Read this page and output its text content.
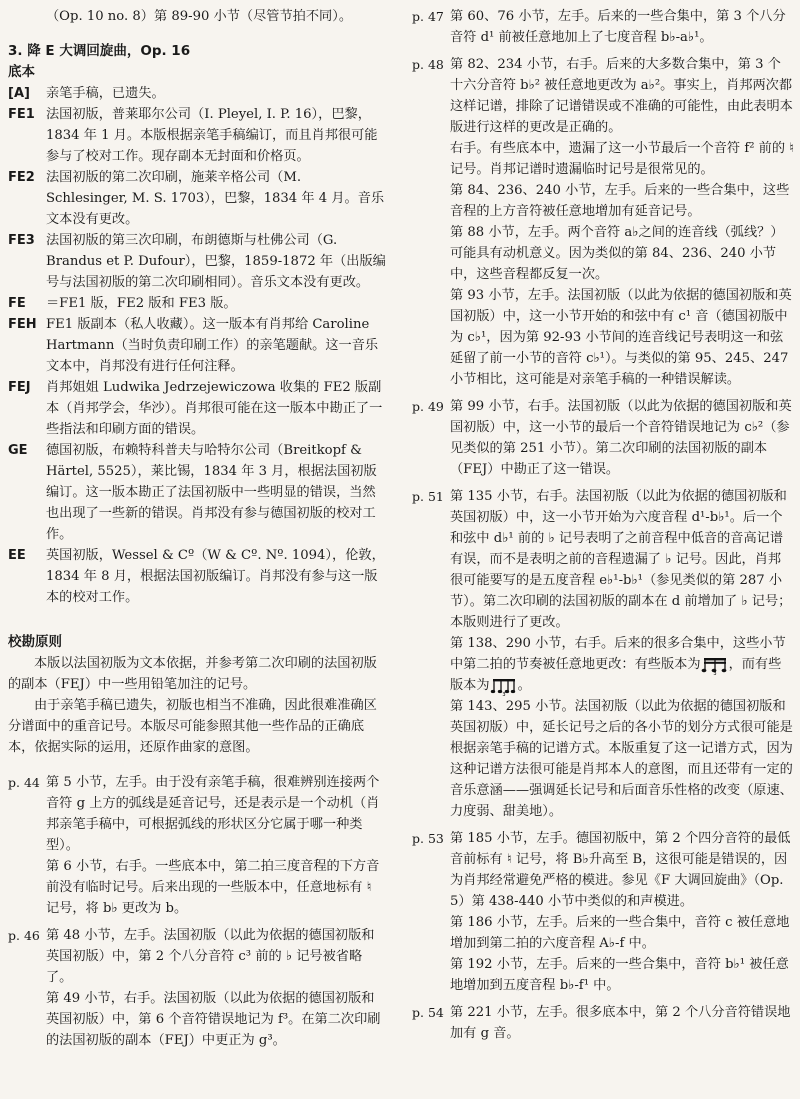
（Op. 10 no. 8）第 89-90 小节（尽管节拍不同）。

3. 降 E 大调回旋曲，Op. 16
底本
[A]	亲笔手稿，已遗失。
FE1 法国初版，普莱耶尔公司（I. Pleyel, I. P. 16），巴黎，1834 年 1 月。本版根据亲笔手稿编订，而且肖邦很可能参与了校对工作。现存副本无封面和价格页。
FE2 法国初版的第二次印刷，施莱辛格公司（M. Schlesinger, M. S. 1703），巴黎，1834 年 4 月。音乐文本没有更改。
FE3 法国初版的第三次印刷，布朗德斯与杜佛公司（G. Brandus et P. Dufour），巴黎，1859-1872 年（出版编号与法国初版的第二次印刷相同）。音乐文本没有更改。
FE	＝FE1 版，FE2 版和 FE3 版。
FEH FE1 版副本（私人收藏）。这一版本有肖邦给 Caroline Hartmann（当时负责印刷工作）的亲笔题献。这一音乐文本中，肖邦没有进行任何注释。
FEJ	肖邦姐姐 Ludwika Jedrzejewiczowa 收集的 FE2 版副本（肖邦学会，华沙）。肖邦很可能在这一版本中勘正了一些指法和印刷方面的错误。
GE	德国初版，布赖特科普夫与哈特尔公司（Breitkopf & Härtel, 5525），莱比锡，1834 年 3 月，根据法国初版编订。这一版本勘正了法国初版中一些明显的错误，当然也出现了一些新的错误。肖邦没有参与德国初版的校对工作。
EE	英国初版，Wessel & Cº（W & Cº. Nº. 1094），伦敦，1834 年 8 月，根据法国初版编订。肖邦没有参与这一版本的校对工作。
校勘原则

本版以法国初版为文本依据，并参考第二次印刷的法国初版的副本（FEJ）中一些用铅笔加注的记号。

由于亲笔手稿已遗失，初版也相当不准确，因此很难准确区分谱面中的重音记号。本版尽可能参照其他一些作品的正确底本，依据实际的运用，还原作曲家的意图。

p. 44 第 5 小节，左手。由于没有亲笔手稿，很难辨别连接两个音符 g 上方的弧线是延音记号，还是表示是一个动机（肖邦亲笔手稿中，可根据弧线的形状区分它属于哪一种类型）。

第 6 小节，右手。一些底本中，第二拍三度音程的下方音前没有临时记号。后来出现的一些版本中，任意地标有 ♮ 记号，将 b♭ 更改为 b。

p. 46 第 48 小节，左手。法国初版（以此为依据的德国初版和英国初版）中，第 2 个八分音符 c³ 前的 ♭ 记号被省略了。

第 49 小节，右手。法国初版（以此为依据的德国初版和英国初版）中，第 6 个音符错误地记为 f³。在第二次印刷的法国初版的副本（FEJ）中更正为 g³。

p. 47 第 60、76 小节，左手。后来的一些合集中，第 3 个八分音符 d¹ 前被任意地加上了七度音程 b♭-a♭¹。

p. 48 第 82、234 小节，右手。后来的大多数合集中，第 3 个十六分音符 b♭² 被任意地更改为 a♭²。事实上，肖邦两次都这样记谱，排除了记谱错误或不准确的可能性，由此表明本版进行这样的更改是正确的。

右手。有些底本中，遗漏了这一小节最后一个音符 f² 前的 ♮ 记号。肖邦记谱时遗漏临时记号是很常见的。

第 84、236、240 小节，左手。后来的一些合集中，这些音程的上方音符被任意地增加有延音记号。

第 88 小节，左手。两个音符 a♭之间的连音线（弧线？）可能具有动机意义。因为类似的第 84、236、240 小节中，这些音程都反复一次。

第 93 小节，左手。法国初版（以此为依据的德国初版和英国初版）中，这一小节开始的和弦中有 c¹ 音（德国初版中为 c♭¹，因为第 92-93 小节间的连音线记号表明这一和弦延留了前一小节的音符 c♭¹）。与类似的第 95、245、247 小节相比，这可能是对亲笔手稿的一种错误解读。

p. 49 第 99 小节，右手。法国初版（以此为依据的德国初版和英国初版）中，这一小节的最后一个音符错误地记为 c♭²（参见类似的第 251 小节）。第二次印刷的法国初版的副本（FEJ）中勘正了这一错误。

p. 51 第 135 小节，右手。法国初版（以此为依据的德国初版和英国初版）中，这一小节开始为六度音程 d¹-b♭¹。后一个和弦中 d♭¹ 前的 ♭ 记号表明了之前音程中低音的音高记谱有误，而不是表明之前的音程遗漏了 ♭ 记号。因此，肖邦很可能要写的是五度音程 e♭¹-b♭¹（参见类似的第 287 小节）。第二次印刷的法国初版的副本在 d 前增加了 ♭ 记号；本版则进行了更改。

第 138、290 小节，右手。后来的很多合集中，这些小节中第二拍的节奏被任意地更改：有些版本为
3
，而有些版本为
3
。

第 143、295 小节。法国初版（以此为依据的德国初版和英国初版）中，延长记号之后的各小节的划分方式很可能是根据亲笔手稿的记谱方式。本版重复了这一记谱方式，因为这种记谱方法很可能是肖邦本人的意图，而且还带有一定的音乐意涵——强调延长记号和后面音乐性格的改变（原速、力度弱、甜美地）。

p. 53 第 185 小节，左手。德国初版中，第 2 个四分音符的最低音前标有 ♮ 记号，将 B♭升高至 B，这很可能是错误的，因为肖邦经常避免严格的模进。参见《F 大调回旋曲》（Op. 5）第 438-440 小节中类似的和声模进。

第 186 小节，左手。后来的一些合集中，音符 c 被任意地增加到第二拍的六度音程 A♭-f 中。

第 192 小节，左手。后来的一些合集中，音符 b♭¹ 被任意地增加到五度音程 b♭-f¹ 中。

p. 54 第 221 小节，左手。很多底本中，第 2 个八分音符错误地加有 g 音。
